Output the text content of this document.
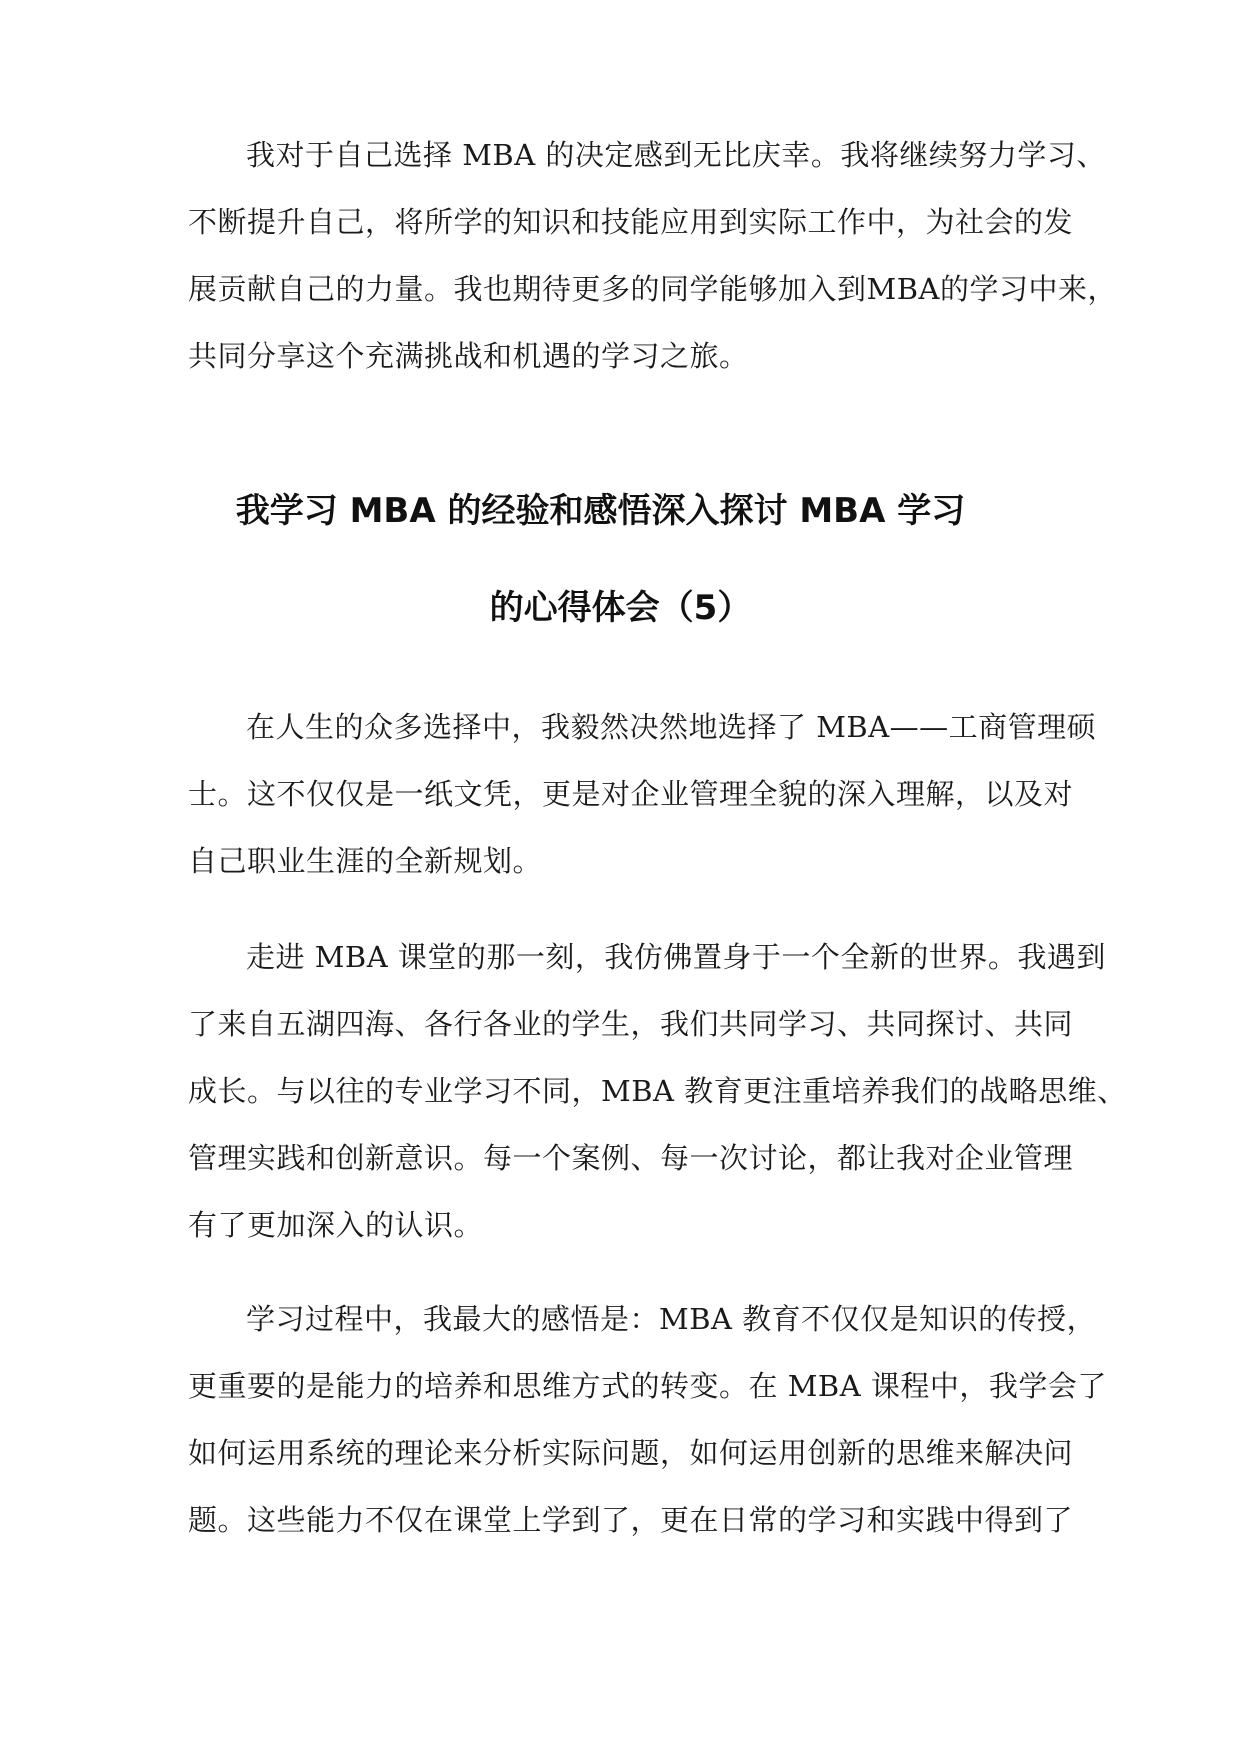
我对于自己选择 MBA 的决定感到无比庆幸。我将继续努力学习、
不断提升自己，将所学的知识和技能应用到实际工作中，为社会的发
展贡献自己的力量。我也期待更多的同学能够加入到MBA的学习中来，
共同分享这个充满挑战和机遇的学习之旅。
我学习 MBA 的经验和感悟深入探讨 MBA 学习
的心得体会（5）
在人生的众多选择中，我毅然决然地选择了 MBA——工商管理硕
士。这不仅仅是一纸文凭，更是对企业管理全貌的深入理解，以及对
自己职业生涯的全新规划。
走进 MBA 课堂的那一刻，我仿佛置身于一个全新的世界。我遇到
了来自五湖四海、各行各业的学生，我们共同学习、共同探讨、共同
成长。与以往的专业学习不同，MBA 教育更注重培养我们的战略思维、
管理实践和创新意识。每一个案例、每一次讨论，都让我对企业管理
有了更加深入的认识。
学习过程中，我最大的感悟是：MBA 教育不仅仅是知识的传授，
更重要的是能力的培养和思维方式的转变。在 MBA 课程中，我学会了
如何运用系统的理论来分析实际问题，如何运用创新的思维来解决问
题。这些能力不仅在课堂上学到了，更在日常的学习和实践中得到了
